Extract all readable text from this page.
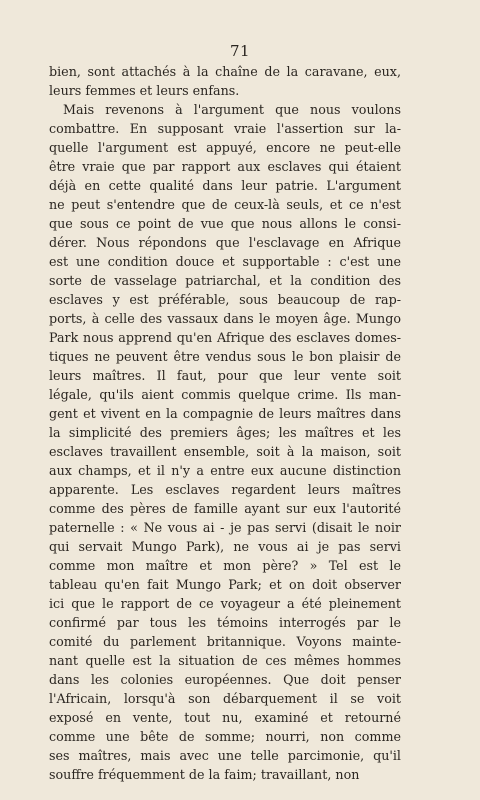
71
bien, sont attachés à la chaîne de la caravane, eux,
leurs femmes et leurs enfans.
Mais revenons à l'argument que nous voulons
combattre. En supposant vraie l'assertion sur la-
quelle l'argument est appuyé, encore ne peut-elle
être vraie que par rapport aux esclaves qui étaient
déjà en cette qualité dans leur patrie. L'argument
ne peut s'entendre que de ceux-là seuls, et ce n'est
que sous ce point de vue que nous allons le consi-
dérer. Nous répondons que l'esclavage en Afrique
est une condition douce et supportable : c'est une
sorte de vasselage patriarchal, et la condition des
esclaves y est préférable, sous beaucoup de rap-
ports, à celle des vassaux dans le moyen âge. Mungo
Park nous apprend qu'en Afrique des esclaves domes-
tiques ne peuvent être vendus sous le bon plaisir de
leurs maîtres. Il faut, pour que leur vente soit
légale, qu'ils aient commis quelque crime. Ils man-
gent et vivent en la compagnie de leurs maîtres dans
la simplicité des premiers âges; les maîtres et les
esclaves travaillent ensemble, soit à la maison, soit
aux champs, et il n'y a entre eux aucune distinction
apparente. Les esclaves regardent leurs maîtres
comme des pères de famille ayant sur eux l'autorité
paternelle : « Ne vous ai - je pas servi (disait le noir
qui servait Mungo Park), ne vous ai je pas servi
comme mon maître et mon père? » Tel est le
tableau qu'en fait Mungo Park; et on doit observer
ici que le rapport de ce voyageur a été pleinement
confirmé par tous les témoins interrogés par le
comité du parlement britannique. Voyons mainte-
nant quelle est la situation de ces mêmes hommes
dans les colonies européennes. Que doit penser
l'Africain, lorsqu'à son débarquement il se voit
exposé en vente, tout nu, examiné et retourné
comme une bête de somme; nourri, non comme
ses maîtres, mais avec une telle parcimonie, qu'il
souffre fréquemment de la faim; travaillant, non
